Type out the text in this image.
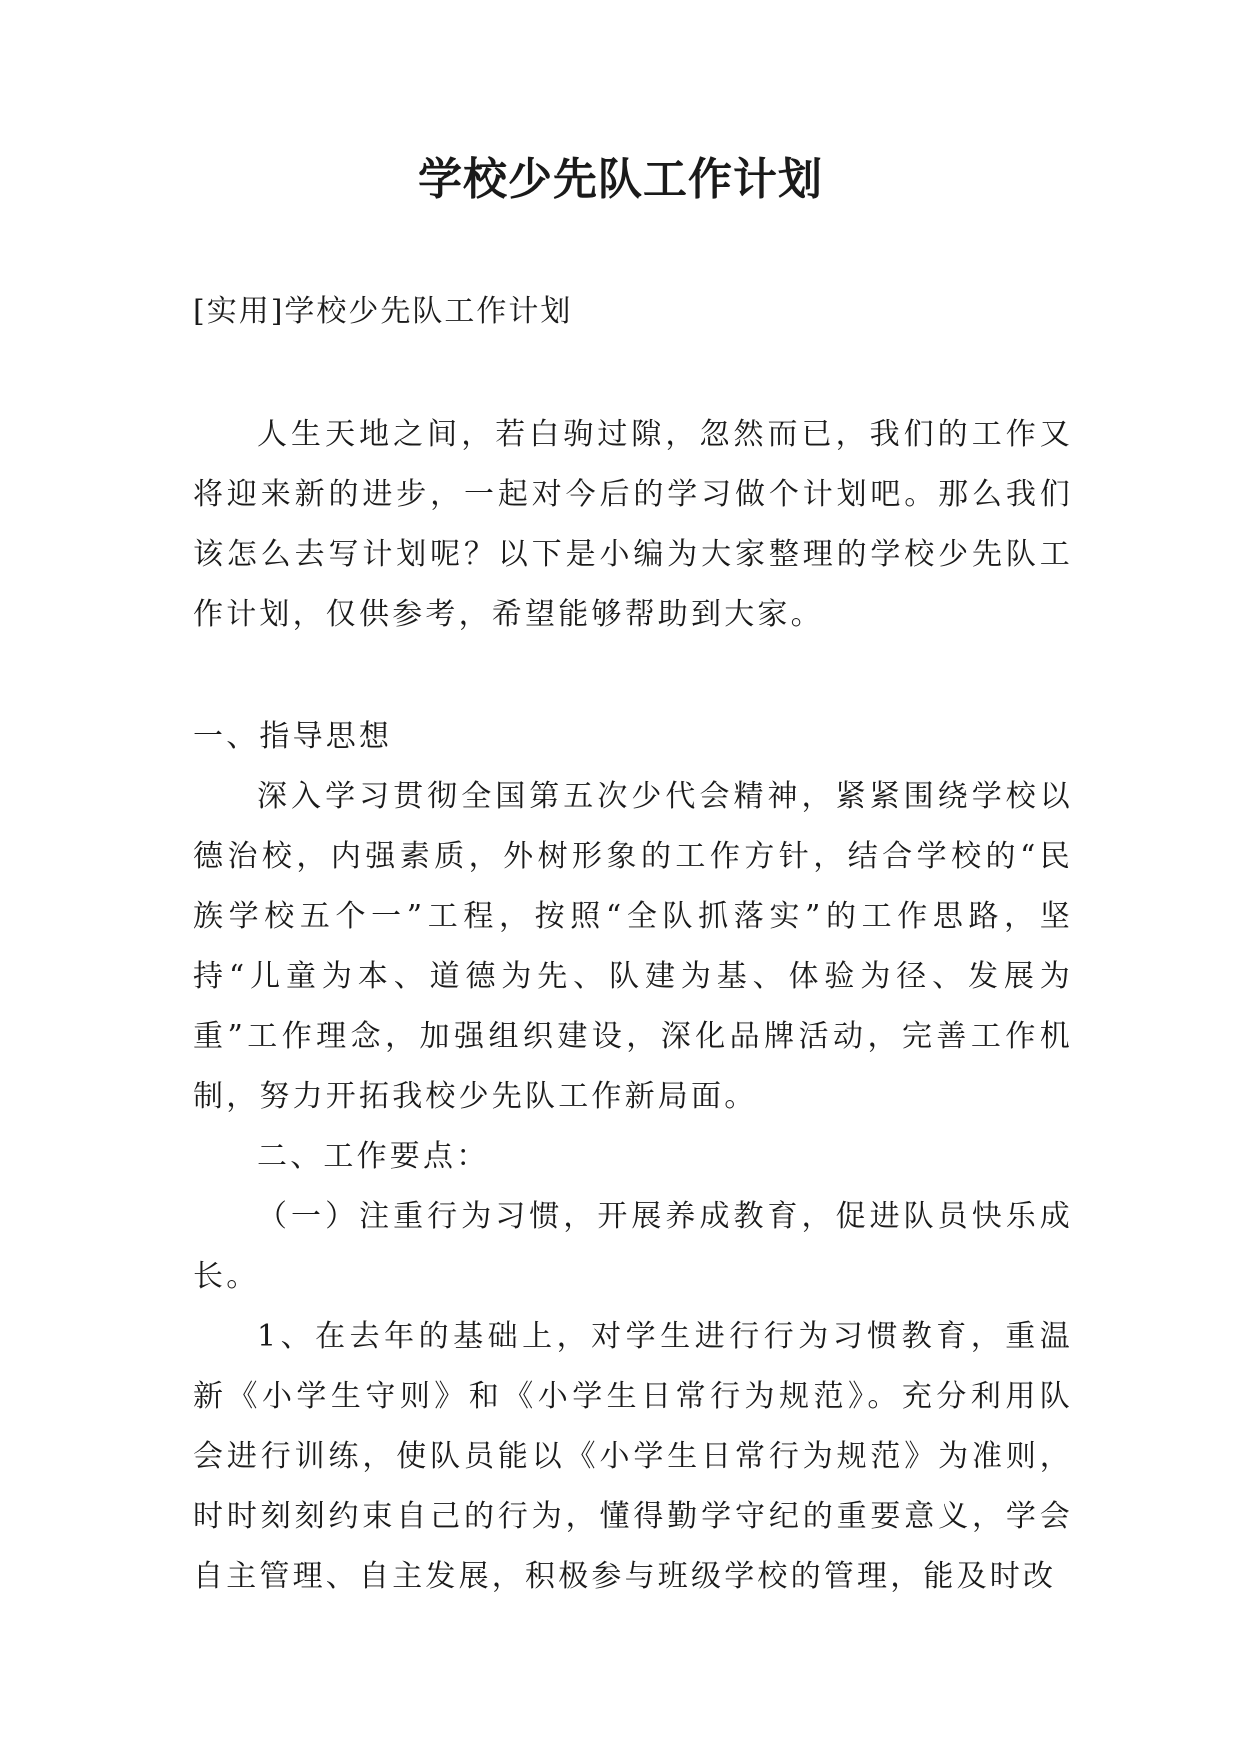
学校少先队工作计划

[实用]学校少先队工作计划

人生天地之间，若白驹过隙，忽然而已，我们的工作又将迎来新的进步，一起对今后的学习做个计划吧。那么我们该怎么去写计划呢？以下是小编为大家整理的学校少先队工作计划，仅供参考，希望能够帮助到大家。

一、指导思想

深入学习贯彻全国第五次少代会精神，紧紧围绕学校以德治校，内强素质，外树形象的工作方针，结合学校的“民族学校五个一”工程，按照“全队抓落实”的工作思路，坚持“儿童为本、道德为先、队建为基、体验为径、发展为重”工作理念，加强组织建设，深化品牌活动，完善工作机制，努力开拓我校少先队工作新局面。

二、工作要点：

（一）注重行为习惯，开展养成教育，促进队员快乐成长。

1、在去年的基础上，对学生进行行为习惯教育，重温新《小学生守则》和《小学生日常行为规范》。充分利用队会进行训练，使队员能以《小学生日常行为规范》为准则，时时刻刻约束自己的行为，懂得勤学守纪的重要意义，学会自主管理、自主发展，积极参与班级学校的管理，能及时改
